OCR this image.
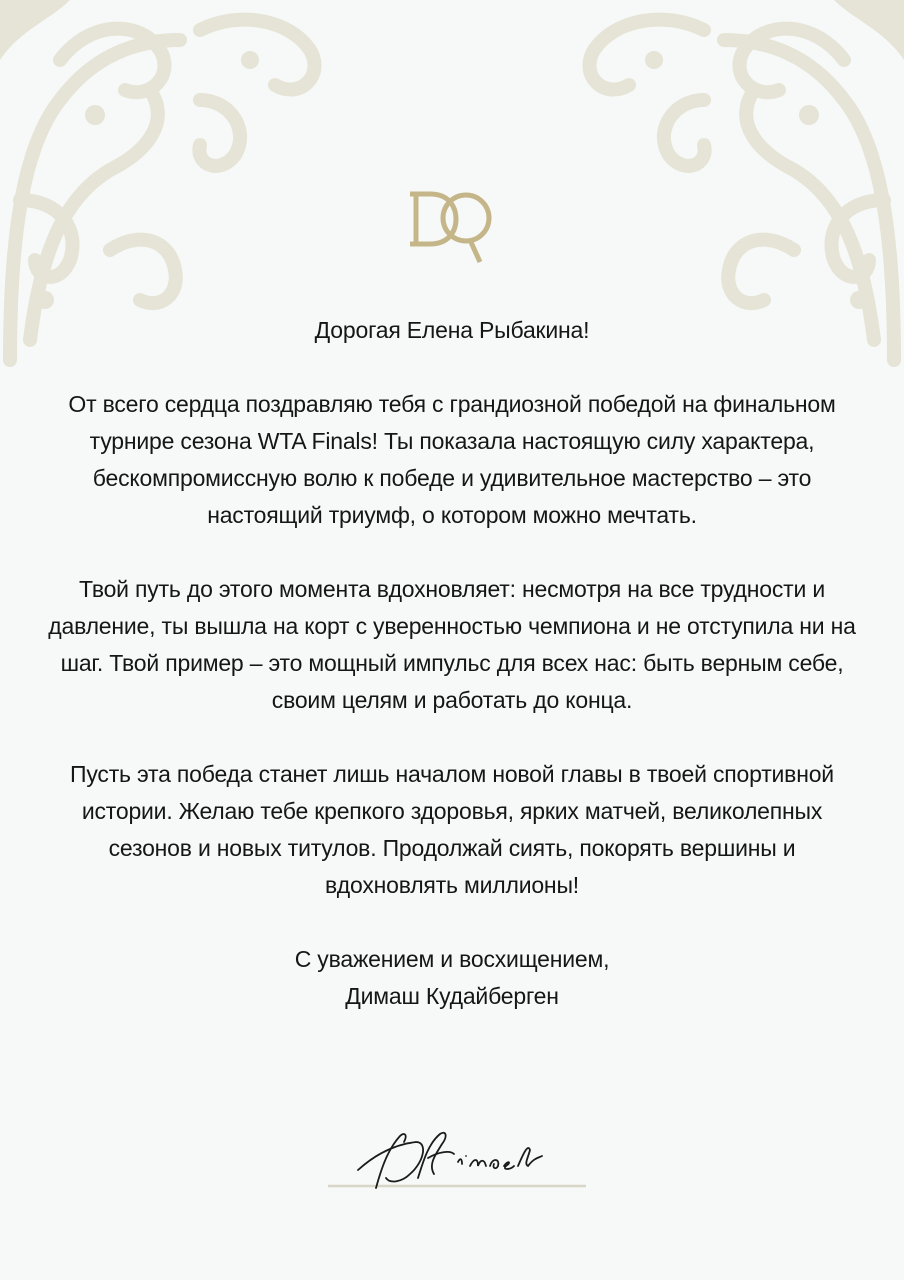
Дорогая Елена Рыбакина!

От всего сердца поздравляю тебя с грандиозной победой на финальном турнире сезона WTA Finals! Ты показала настоящую силу характера, бескомпромиссную волю к победе и удивительное мастерство – это настоящий триумф, о котором можно мечтать.

Твой путь до этого момента вдохновляет: несмотря на все трудности и давление, ты вышла на корт с уверенностью чемпиона и не отступила ни на шаг. Твой пример – это мощный импульс для всех нас: быть верным себе, своим целям и работать до конца.

Пусть эта победа станет лишь началом новой главы в твоей спортивной истории. Желаю тебе крепкого здоровья, ярких матчей, великолепных сезонов и новых титулов. Продолжай сиять, покорять вершины и вдохновлять миллионы!

С уважением и восхищением,

Димаш Кудайберген
